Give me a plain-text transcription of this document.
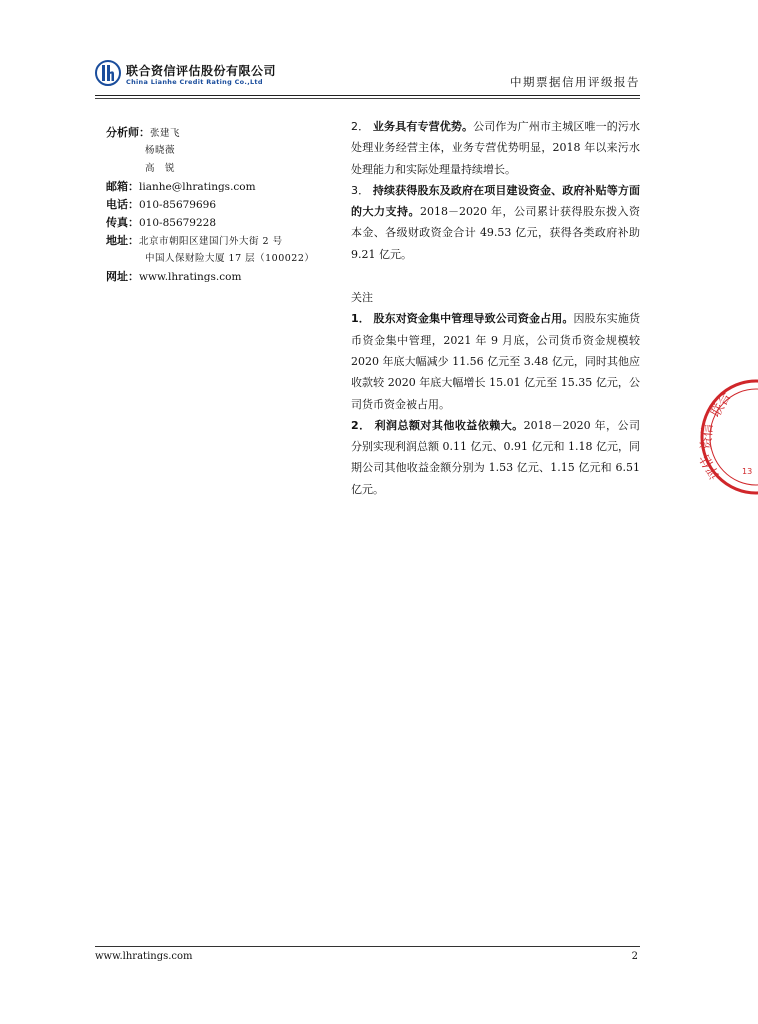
联合资信评估股份有限公司
China Lianhe Credit Rating Co.,Ltd	中期票据信用评级报告
分析师：张建飞
杨晓薇
高　锐
邮箱：lianhe@lhratings.com
电话：010-85679696
传真：010-85679228
地址：北京市朝阳区建国门外大街 2 号
中国人保财险大厦 17 层（100022）
网址：www.lhratings.com

2． 业务具有专营优势。公司作为广州市主城区唯一的污水处理业务经营主体，业务专营优势明显，2018 年以来污水处理能力和实际处理量持续增长。

3． 持续获得股东及政府在项目建设资金、政府补贴等方面的大力支持。2018－2020 年，公司累计获得股东拨入资本金、各级财政资金合计 49.53 亿元，获得各类政府补助 9.21 亿元。

关注

1． 股东对资金集中管理导致公司资金占用。因股东实施货币资金集中管理，2021 年 9 月底，公司货币资金规模较 2020 年底大幅减少 11.56 亿元至 3.48 亿元，同时其他应收款较 2020 年底大幅增长 15.01 亿元至 15.35 亿元，公司货币资金被占用。

2． 利润总额对其他收益依赖大。2018－2020 年，公司分别实现利润总额 0.11 亿元、0.91 亿元和 1.18 亿元，同期公司其他收益金额分别为 1.53 亿元、1.15 亿元和 6.51 亿元。

联合
资信
评估 13
www.lhratings.com	2
